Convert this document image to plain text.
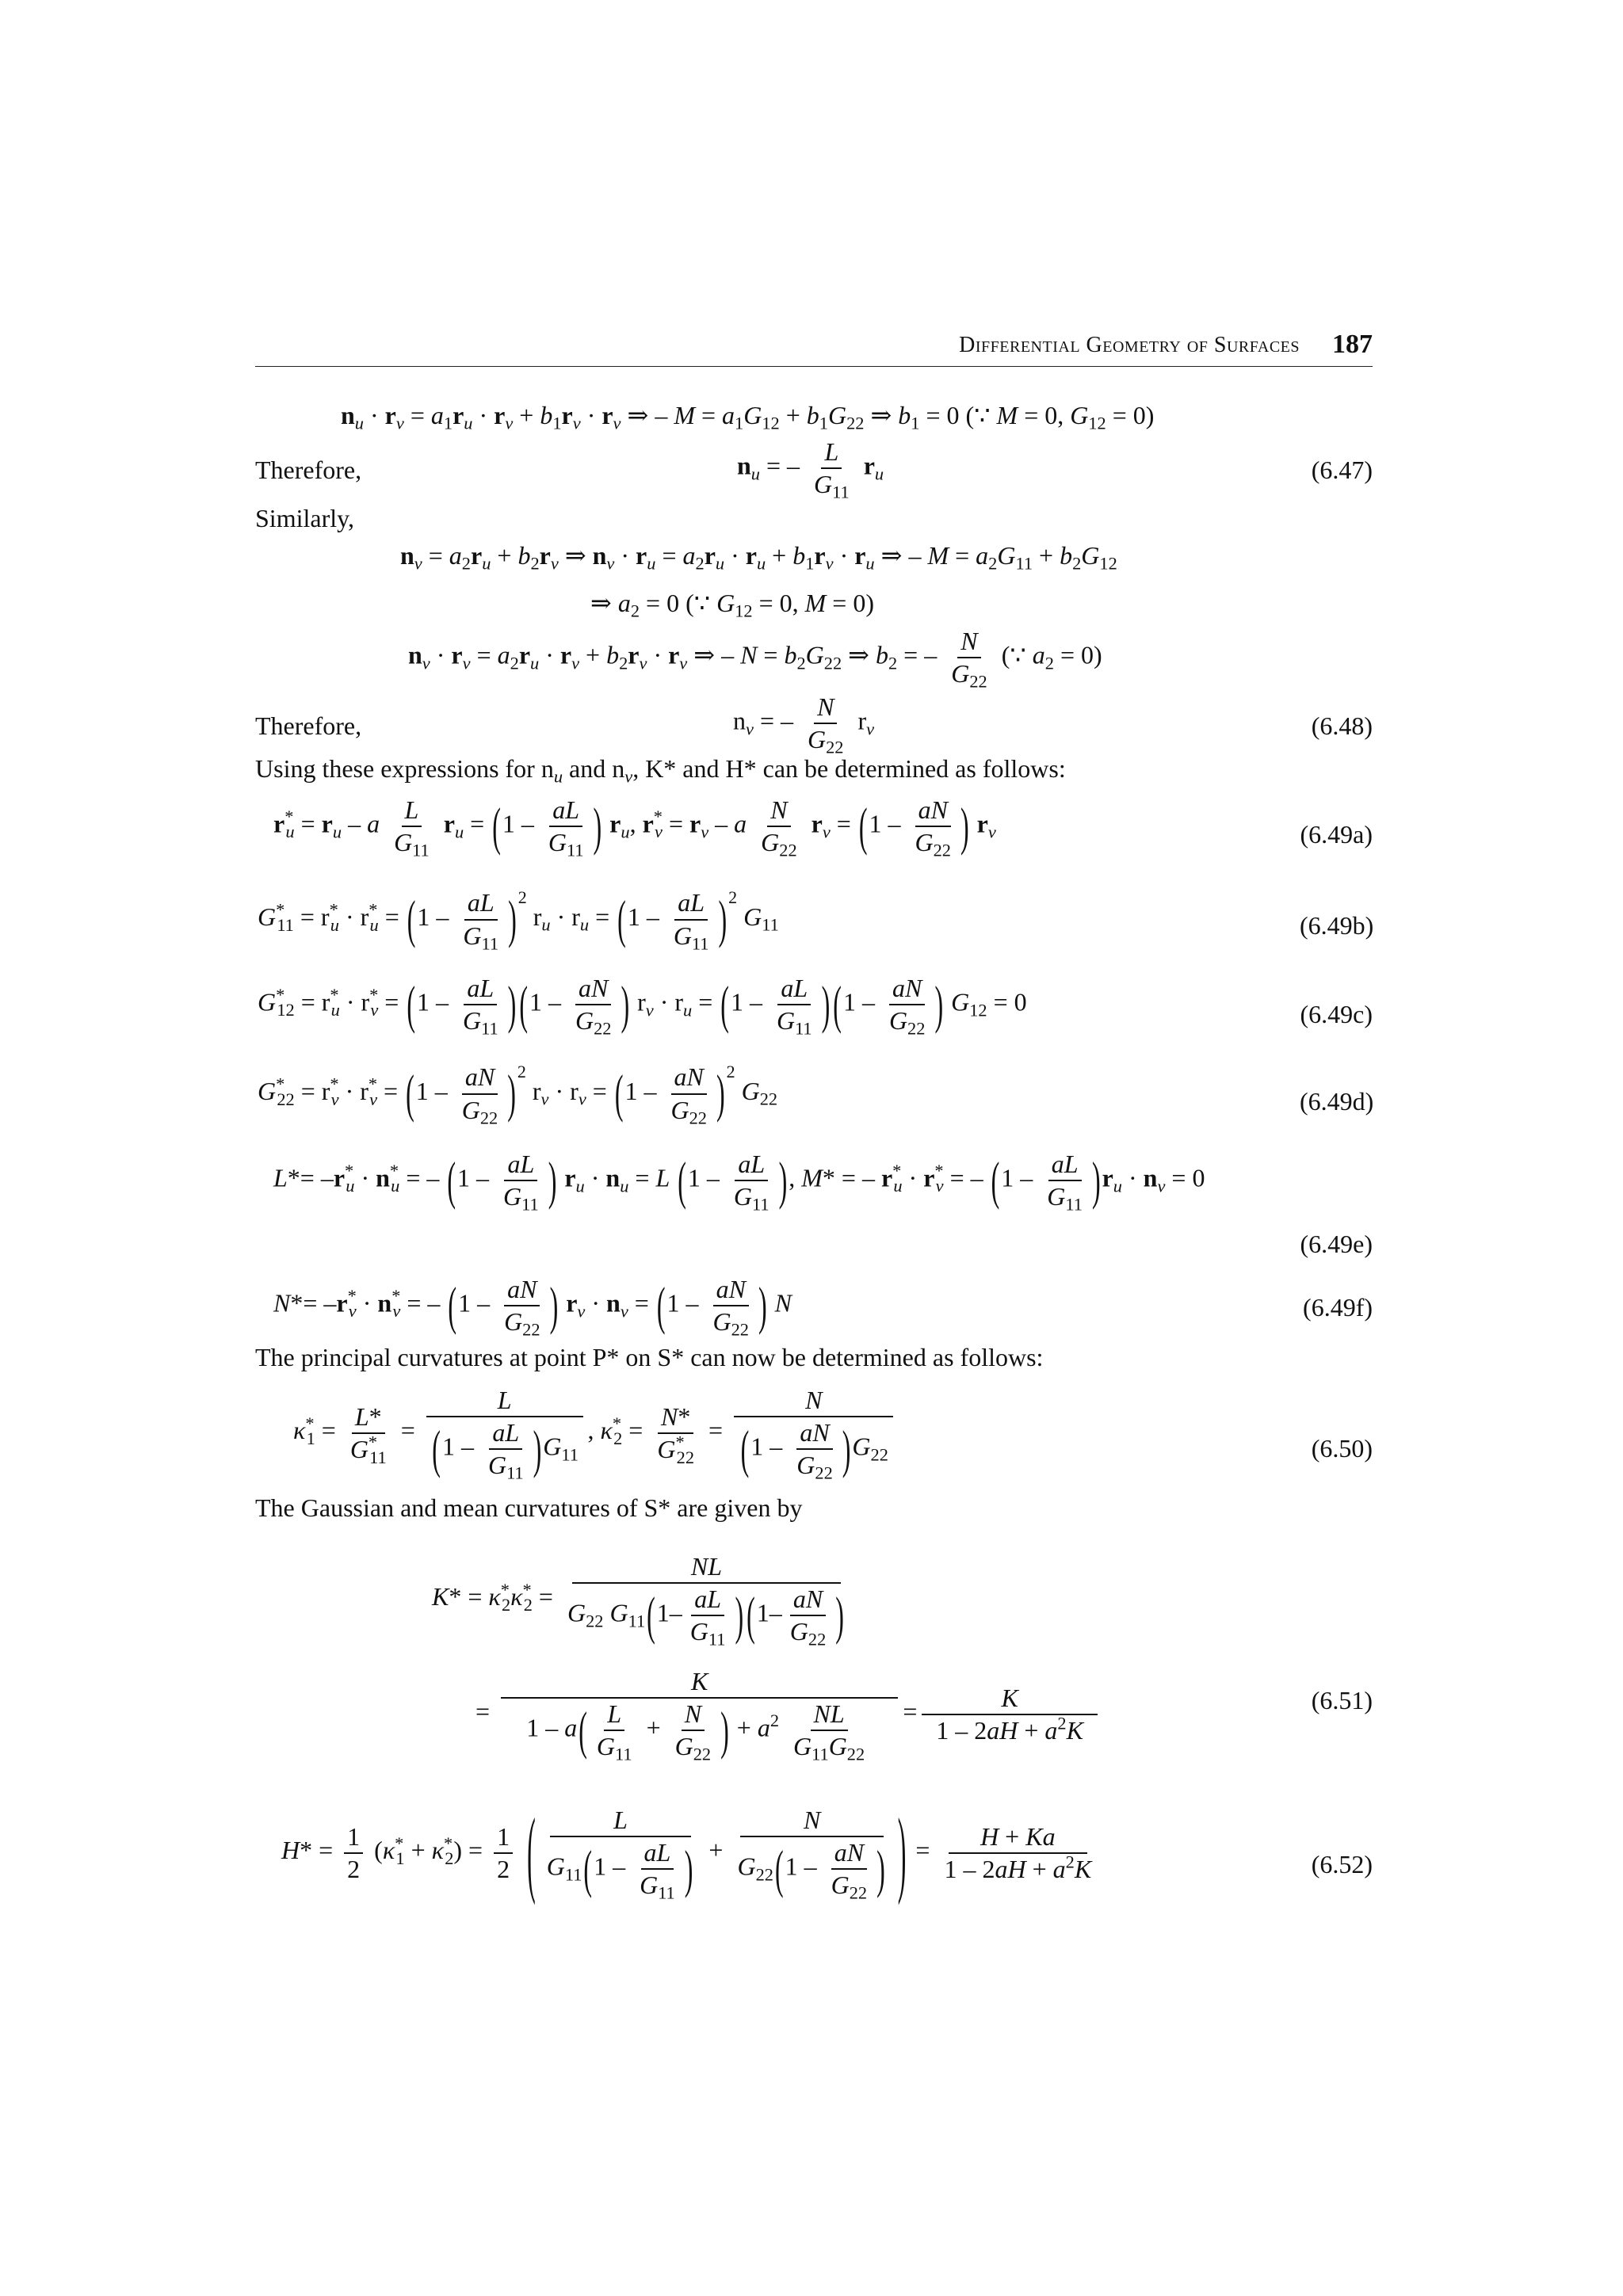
Differential Geometry of Surfaces 187
$n_u \cdot r_v = a_1r_u \cdot r_v + b_1r_v \cdot r_v$ ⇒ – $M = a_1G_{12} + b_1G_{22}$ ⇒ $b_1 = 0$ (∵ M = 0, $G_{12} = 0$)
Therefore,	$n_u$ = – $\frac{L}{G_{11}} r_u$	(6.47)
Similarly,
$n_v = a_2r_u + b_2r_v$ ⇒ $n_v \cdot r_u = a_2r_u \cdot r_u + b_1r_v \cdot r_u$ ⇒ – $M = a_2G_{11} + b_2G_{12}$
⇒ $a_2 = 0$ (∵ $G_{12} = 0$, M = 0)
$n_v \cdot r_v = a_2r_u \cdot r_v + b_2r_v \cdot r_v$ ⇒ – $N = b_2G_{22}$ ⇒ $b_2$ = – $\frac{N}{G_{22}}$ (∵ $a_2 = 0$)
Therefore,	$n_v$ = – $\frac{N}{G_{22}} r_v$	(6.48)
Using these expressions for $n_u$ and $n_v$, K* and H* can be determined as follows:
$r^*_u = r_u - a \frac{L}{G_{11}} r_u = (1 - \frac{aL}{G_{11}}$ ) $r_u$, $r^*_v = r_v - a \frac{N}{G_{22}} r_v = (1 - \frac{aN}{G_{22}}$ ) $r_v$	(6.49a)
$G^*_{11} = r^*_u \cdot r^*_u = (1 - \frac{aL}{G_{11}} )^2$ $r_u \cdot r_u = (1 - \frac{aL}{G_{11}} )^2$ $G_{11}$	(6.49b)
$G^*_{12} = r^*_u \cdot r^*_v = (1 - \frac{aL}{G_{11}}$ ) ($1 - \frac{aN}{G_{22}}$ ) $r_v \cdot r_u = (1 - \frac{aL}{G_{11}}$ ) ($1 - \frac{aN}{G_{22}}$ ) $G_{12} = 0$	(6.49c)
$G^*_{22} = r^*_v \cdot r^*_v = (1 - \frac{aN}{G_{22}} )^2$ $r_v \cdot r_v = (1 - \frac{aN}{G_{22}} )^2$ $G_{22}$	(6.49d)
$L*= -r^*_u \cdot n^*_u$ = – ($1 - \frac{aL}{G_{11}}$ ) $r_u \cdot n_u = L$ ($1 - \frac{aL}{G_{11}}$ ), M* = – $r^*_u \cdot r^*_v$ = – $(1 - \frac{aL}{G_{11}} )r_u \cdot n_v = 0$
(6.49e)
$N*= -r^*_v \cdot n^*_v$ = – ($1 - \frac{aN}{G_{22}}$ ) $r_v \cdot n_v = (1 - \frac{aN}{G_{22}}$ ) N	(6.49f)
The principal curvatures at point P* on S* can now be determined as follows:
$\kappa^*_1 = \frac{L*}{G^*_{11}} = \frac{L}{(1 - \frac{aL}{G_{11}} )G_{11}}$ , $\kappa^*_2 = \frac{N*}{G^*_{22}} = \frac{N}{(1 - \frac{aN}{G_{22}} )G_{22}}$	(6.50)
The Gaussian and mean curvatures of S* are given by
$K* = \kappa^*_2\kappa^*_2 = \frac{NL}{G_{22} G_{11}(1- \frac{aL}{G_{11}} ) (1- \frac{aN}{G_{22}} )}$
= $\frac{K}{1 - a( \frac{L}{G_{11}} + \frac{N}{G_{22}} ) + a^2 \frac{NL}{G_{11}G_{22}}} = \frac{K}{1 - 2aH + a^2K}$	(6.51)
$H* = \frac{1}{2} (\kappa^*_1 + \kappa^*_2) = \frac{1}{2}$ ( $\frac{L}{G_{11}(1 - \frac{aL}{G_{11}} )} + \frac{N}{G_{22}(1 - \frac{aN}{G_{22}} )}$ ) = $\frac{H + Ka}{1 - 2aH + a^2K}$	(6.52)
